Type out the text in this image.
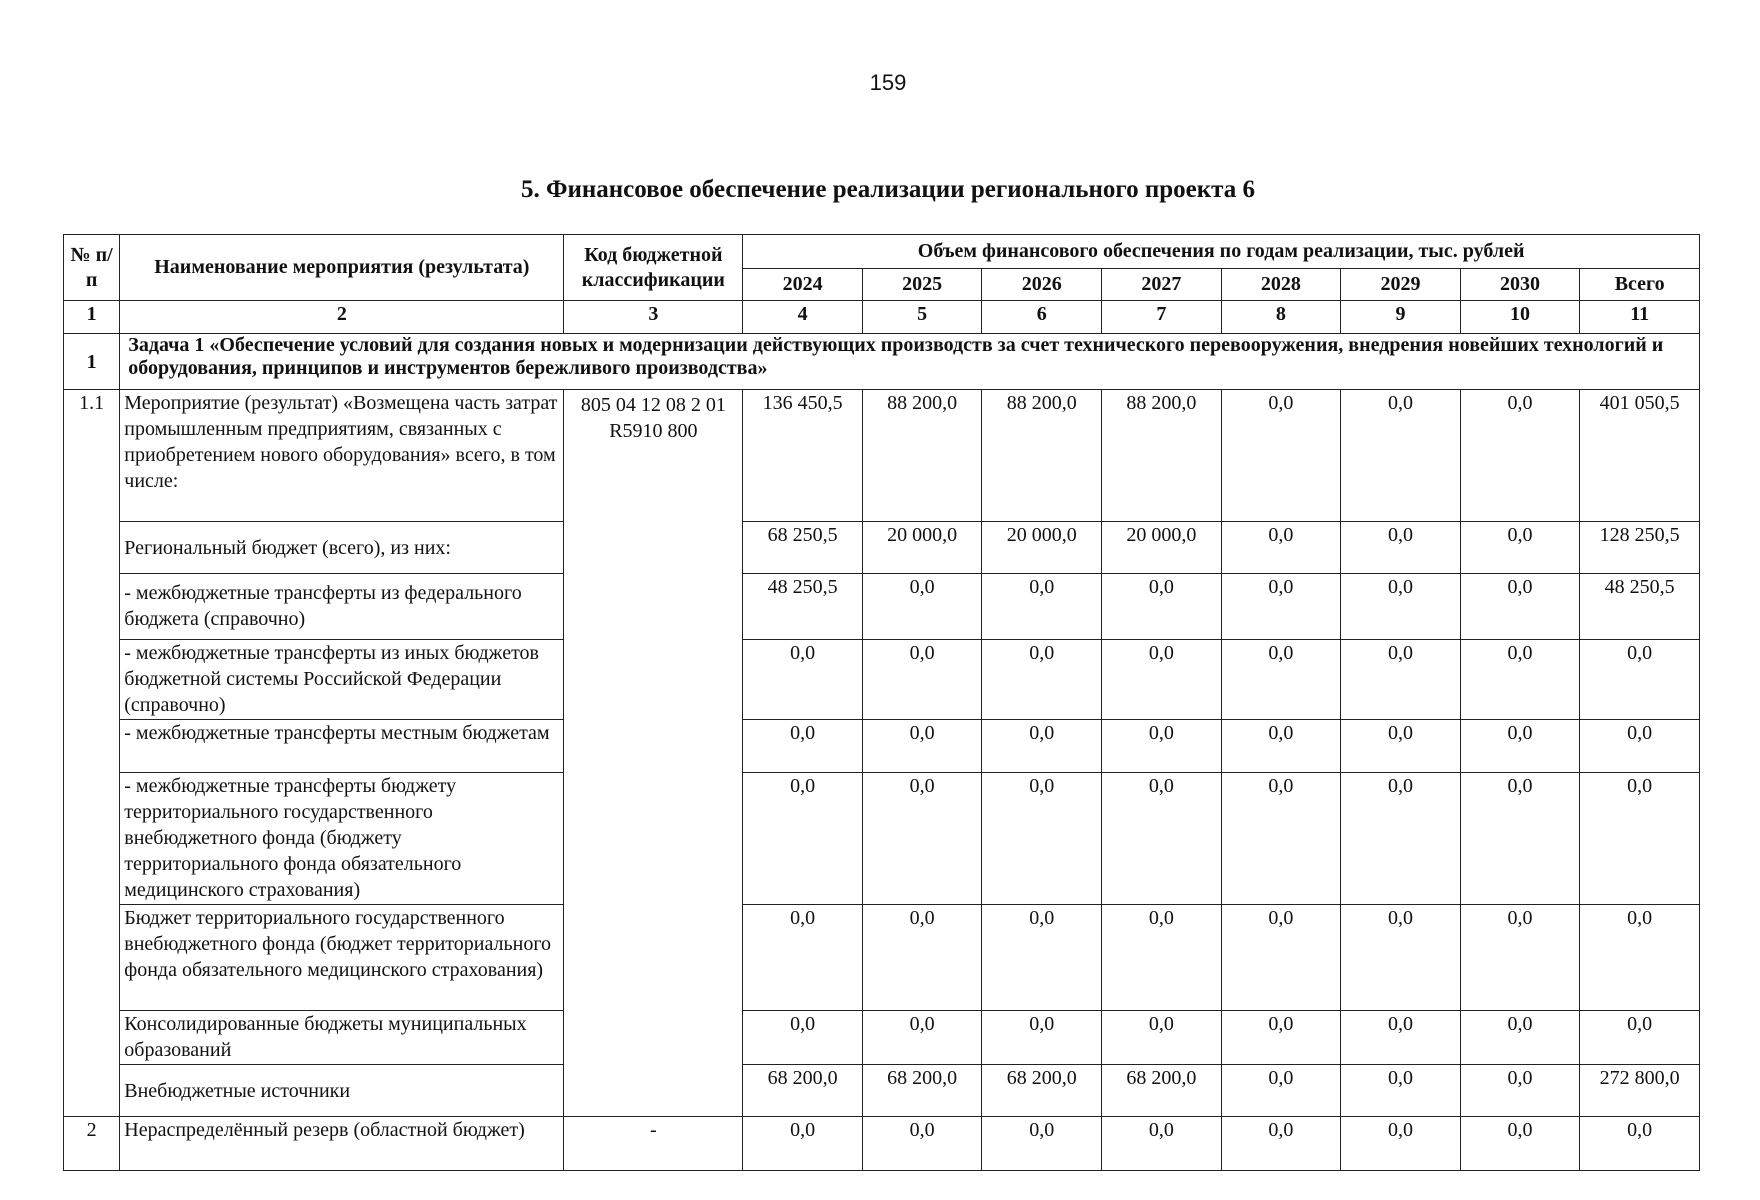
159
5. Финансовое обеспечение реализации регионального проекта 6
№ п/п	Наименование мероприятия (результата)	Код бюджетной классификации	Объем финансового обеспечения по годам реализации, тыс. рублей							
			2024	2025	2026	2027	2028	2029	2030	Всего
1	2	3	4	5	6	7	8	9	10	11
1	Задача 1 «Обеспечение условий для создания новых и модернизации действующих производств за счет технического перевооружения, внедрения новейших технологий и оборудования, принципов и инструментов бережливого производства»									
1.1	Мероприятие (результат) «Возмещена часть затрат промышленным предприятиям, связанных с приобретением нового оборудования» всего, в том числе:	805 04 12 08 2 01 R5910 800	136 450,5	88 200,0	88 200,0	88 200,0	0,0	0,0	0,0	401 050,5
	Региональный бюджет (всего), из них:		68 250,5	20 000,0	20 000,0	20 000,0	0,0	0,0	0,0	128 250,5
	- межбюджетные трансферты из федерального бюджета (справочно)		48 250,5	0,0	0,0	0,0	0,0	0,0	0,0	48 250,5
	- межбюджетные трансферты из иных бюджетов бюджетной системы Российской Федерации (справочно)		0,0	0,0	0,0	0,0	0,0	0,0	0,0	0,0
	- межбюджетные трансферты местным бюджетам		0,0	0,0	0,0	0,0	0,0	0,0	0,0	0,0
	- межбюджетные трансферты бюджету территориального государственного внебюджетного фонда (бюджету территориального фонда обязательного медицинского страхования)		0,0	0,0	0,0	0,0	0,0	0,0	0,0	0,0
	Бюджет территориального государственного внебюджетного фонда (бюджет территориального фонда обязательного медицинского страхования)		0,0	0,0	0,0	0,0	0,0	0,0	0,0	0,0
	Консолидированные бюджеты муниципальных образований		0,0	0,0	0,0	0,0	0,0	0,0	0,0	0,0
	Внебюджетные источники		68 200,0	68 200,0	68 200,0	68 200,0	0,0	0,0	0,0	272 800,0
2	Нераспределённый резерв (областной бюджет)	-	0,0	0,0	0,0	0,0	0,0	0,0	0,0	0,0
